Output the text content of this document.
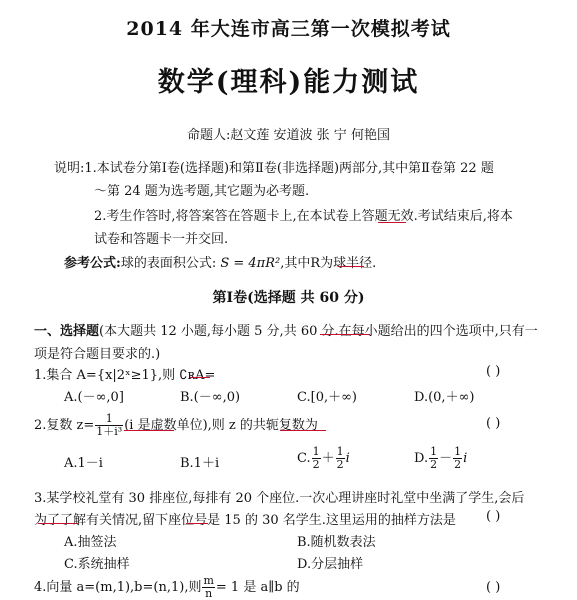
2014 年大连市高三第一次模拟考试
数学(理科)能力测试
命题人:赵文莲 安道波 张 宁 何艳国
说明:1.本试卷分第Ⅰ卷(选择题)和第Ⅱ卷(非选择题)两部分,其中第Ⅱ卷第 22 题
～第 24 题为选考题,其它题为必考题.
2.考生作答时,将答案答在答题卡上,在本试卷上答题无效.考试结束后,将本
试卷和答题卡一并交回.
参考公式:球的表面积公式: S = 4πR²,其中R为球半径.
第Ⅰ卷(选择题 共 60 分)
一、选择题(本大题共 12 小题,每小题 5 分,共 60 分.在每小题给出的四个选项中,只有一
项是符合题目要求的.)
1.集合 A={x|2ˣ≥1},则 ∁ʀA=	( )
A.(－∞,0]	B.(－∞,0)	C.[0,＋∞)	D.(0,＋∞)
2.复数 $z= \frac{1}{\text{1＋i³}} (i$ 是虚数单位),则 z 的共轭复数为	( )
A.1－i	B.1＋i	C. $\frac{1}{2} + \frac{1}{2}$ i	D. $\frac{1}{2} - \frac{1}{2}$ i
3.某学校礼堂有 30 排座位,每排有 20 个座位.一次心理讲座时礼堂中坐满了学生,会后
为了了解有关情况,留下座位号是 15 的 30 名学生.这里运用的抽样方法是 ( )
A.抽签法	B.随机数表法
C.系统抽样	D.分层抽样
4.向量 a=(m,1),b=(n,1),则 $\frac{m}{n} = 1$ 是 a∥b 的	( )
